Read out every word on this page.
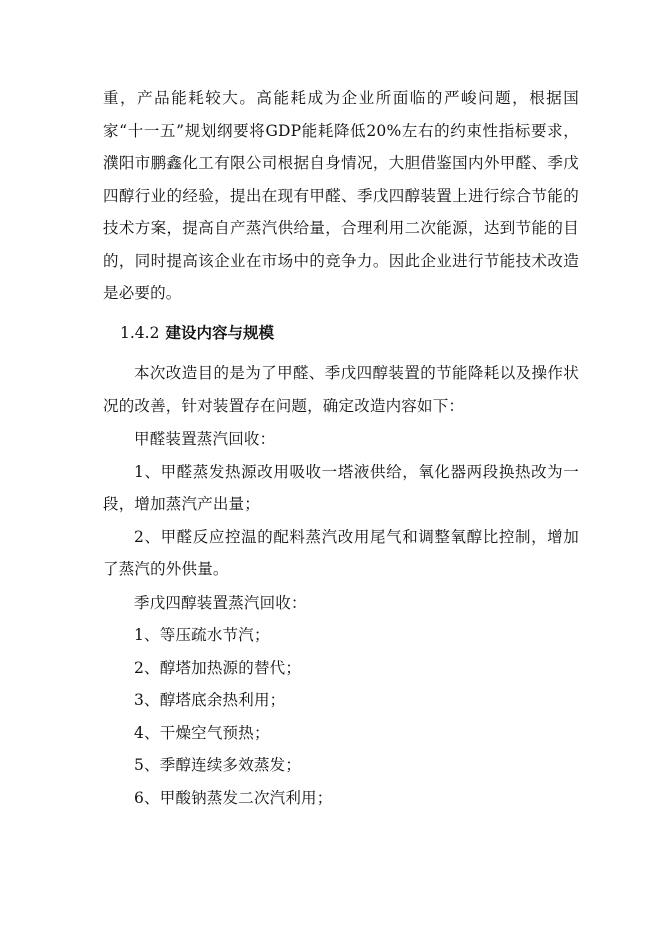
重，产品能耗较大。高能耗成为企业所面临的严峻问题，根据国家“十一五”规划纲要将GDP能耗降低20%左右的约束性指标要求，濮阳市鹏鑫化工有限公司根据自身情况，大胆借鉴国内外甲醛、季戊四醇行业的经验，提出在现有甲醛、季戊四醇装置上进行综合节能的技术方案，提高自产蒸汽供给量，合理利用二次能源，达到节能的目的，同时提高该企业在市场中的竞争力。因此企业进行节能技术改造是必要的。

1.4.2 建设内容与规模

本次改造目的是为了甲醛、季戊四醇装置的节能降耗以及操作状况的改善，针对装置存在问题，确定改造内容如下：

甲醛装置蒸汽回收：

1、甲醛蒸发热源改用吸收一塔液供给，氧化器两段换热改为一段，增加蒸汽产出量；

2、甲醛反应控温的配料蒸汽改用尾气和调整氧醇比控制，增加了蒸汽的外供量。

季戊四醇装置蒸汽回收：

1、等压疏水节汽；

2、醇塔加热源的替代；

3、醇塔底余热利用；

4、干燥空气预热；

5、季醇连续多效蒸发；

6、甲酸钠蒸发二次汽利用；
